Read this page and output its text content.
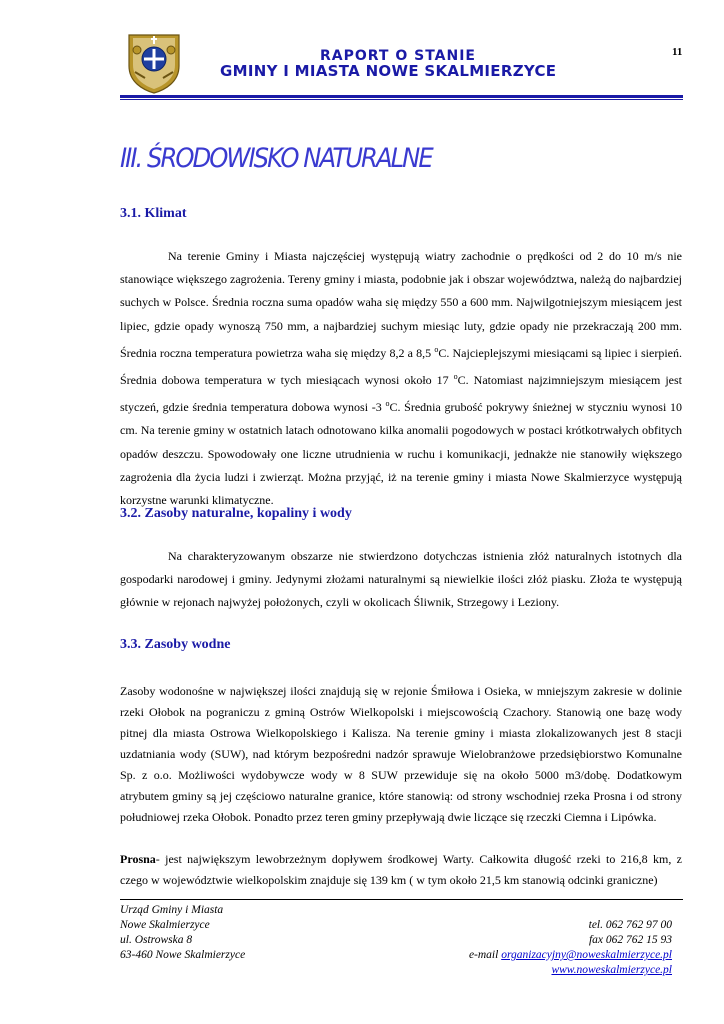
RAPORT O STANIE
GMINY I MIASTA NOWE SKALMIERZYCE
11
III. ŚRODOWISKO NATURALNE
3.1. Klimat
Na terenie Gminy i Miasta najczęściej występują wiatry zachodnie o prędkości od 2 do 10 m/s nie stanowiące większego zagrożenia. Tereny gminy i miasta, podobnie jak i obszar województwa, należą do najbardziej suchych w Polsce. Średnia roczna suma opadów waha się między 550 a 600 mm. Najwilgotniejszym miesiącem jest lipiec, gdzie opady wynoszą 750 mm, a najbardziej suchym miesiąc luty, gdzie opady nie przekraczają 200 mm. Średnia roczna temperatura powietrza waha się między 8,2 a 8,5 $^o$C. Najcieplejszymi miesiącami są lipiec i sierpień. Średnia dobowa temperatura w tych miesiącach wynosi około 17 $^o$C. Natomiast najzimniejszym miesiącem jest styczeń, gdzie średnia temperatura dobowa wynosi -3 $^o$C. Średnia grubość pokrywy śnieżnej w styczniu wynosi 10 cm. Na terenie gminy w ostatnich latach odnotowano kilka anomalii pogodowych w postaci krótkotrwałych obfitych opadów deszczu. Spowodowały one liczne utrudnienia w ruchu i komunikacji, jednakże nie stanowiły większego zagrożenia dla życia ludzi i zwierząt. Można przyjąć, iż na terenie gminy i miasta Nowe Skalmierzyce występują korzystne warunki klimatyczne.
3.2. Zasoby naturalne, kopaliny i wody
Na charakteryzowanym obszarze nie stwierdzono dotychczas istnienia złóż naturalnych istotnych dla gospodarki narodowej i gminy. Jedynymi złożami naturalnymi są niewielkie ilości złóż piasku. Złoża te występują głównie w rejonach najwyżej położonych, czyli w okolicach Śliwnik, Strzegowy i Leziony.
3.3. Zasoby wodne
Zasoby wodonośne w największej ilości znajdują się w rejonie Śmiłowa i Osieka, w mniejszym zakresie w dolinie rzeki Ołobok na pograniczu z gminą Ostrów Wielkopolski i miejscowością Czachory. Stanowią one bazę wody pitnej dla miasta Ostrowa Wielkopolskiego i Kalisza. Na terenie gminy i miasta zlokalizowanych jest 8 stacji uzdatniania wody (SUW), nad którym bezpośredni nadzór sprawuje Wielobranżowe przedsiębiorstwo Komunalne Sp. z o.o. Możliwości wydobywcze wody w 8 SUW przewiduje się na około 5000 m3/dobę. Dodatkowym atrybutem gminy są jej częściowo naturalne granice, które stanowią: od strony wschodniej rzeka Prosna i od strony południowej rzeka Ołobok. Ponadto przez teren gminy przepływają dwie liczące się rzeczki Ciemna i Lipówka.
Prosna- jest największym lewobrzeżnym dopływem środkowej Warty. Całkowita długość rzeki to 216,8 km, z czego w województwie wielkopolskim znajduje się 139 km ( w tym około 21,5 km stanowią odcinki graniczne)
Urząd Gminy i Miasta
Nowe Skalmierzyce
ul. Ostrowska 8
63-460 Nowe Skalmierzyce
tel. 062 762 97 00
fax 062 762 15 93
e-mail organizacyjny@noweskalmierzyce.pl
www.noweskalmierzyce.pl
